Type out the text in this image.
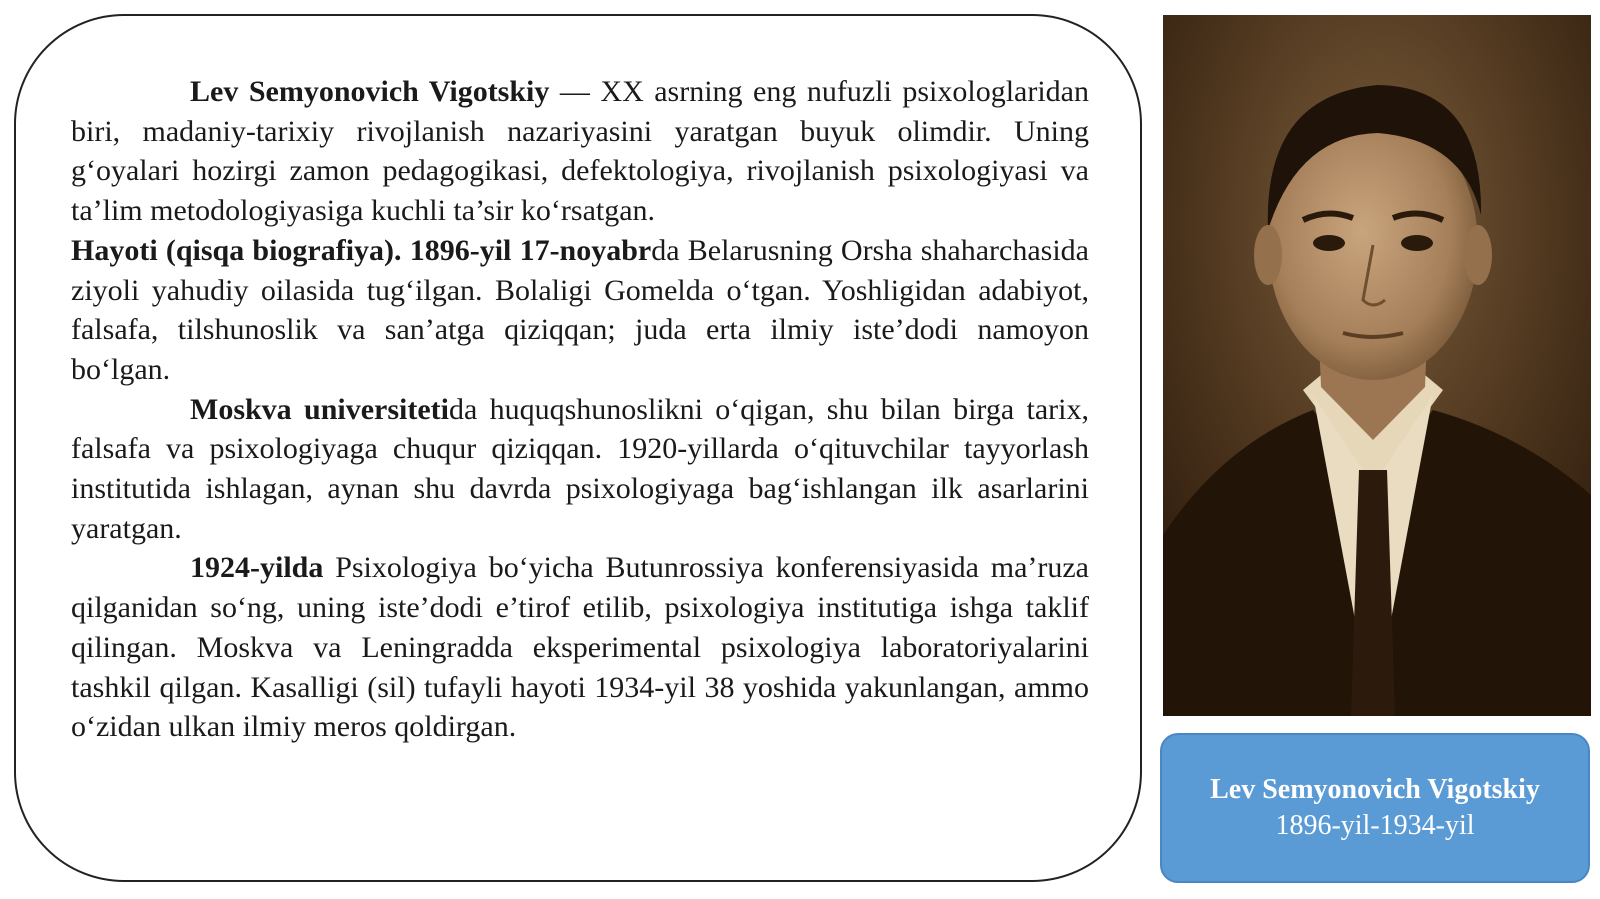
Lev Semyonovich Vigotskiy — XX asrning eng nufuzli psixologlaridan biri, madaniy-tarixiy rivojlanish nazariyasini yaratgan buyuk olimdir. Uning g‘oyalari hozirgi zamon pedagogikasi, defektologiya, rivojlanish psixologiyasi va ta’lim metodologiyasiga kuchli ta’sir ko‘rsatgan.

Hayoti (qisqa biografiya). 1896-yil 17-noyabrda Belarusning Orsha shaharchasida ziyoli yahudiy oilasida tug‘ilgan. Bolaligi Gomelda o‘tgan. Yoshligidan adabiyot, falsafa, tilshunoslik va san’atga qiziqqan; juda erta ilmiy iste’dodi namoyon bo‘lgan.

Moskva universitetida huquqshunoslikni o‘qigan, shu bilan birga tarix, falsafa va psixologiyaga chuqur qiziqqan. 1920-yillarda o‘qituvchilar tayyorlash institutida ishlagan, aynan shu davrda psixologiyaga bag‘ishlangan ilk asarlarini yaratgan.

1924-yilda Psixologiya bo‘yicha Butunrossiya konferensiyasida ma’ruza qilganidan so‘ng, uning iste’dodi e’tirof etilib, psixologiya institutiga ishga taklif qilingan. Moskva va Leningradda eksperimental psixologiya laboratoriyalarini tashkil qilgan. Kasalligi (sil) tufayli hayoti 1934-yil 38 yoshida yakunlangan, ammo o‘zidan ulkan ilmiy meros qoldirgan.

Lev Semyonovich Vigotskiy
1896-yil-1934-yil
